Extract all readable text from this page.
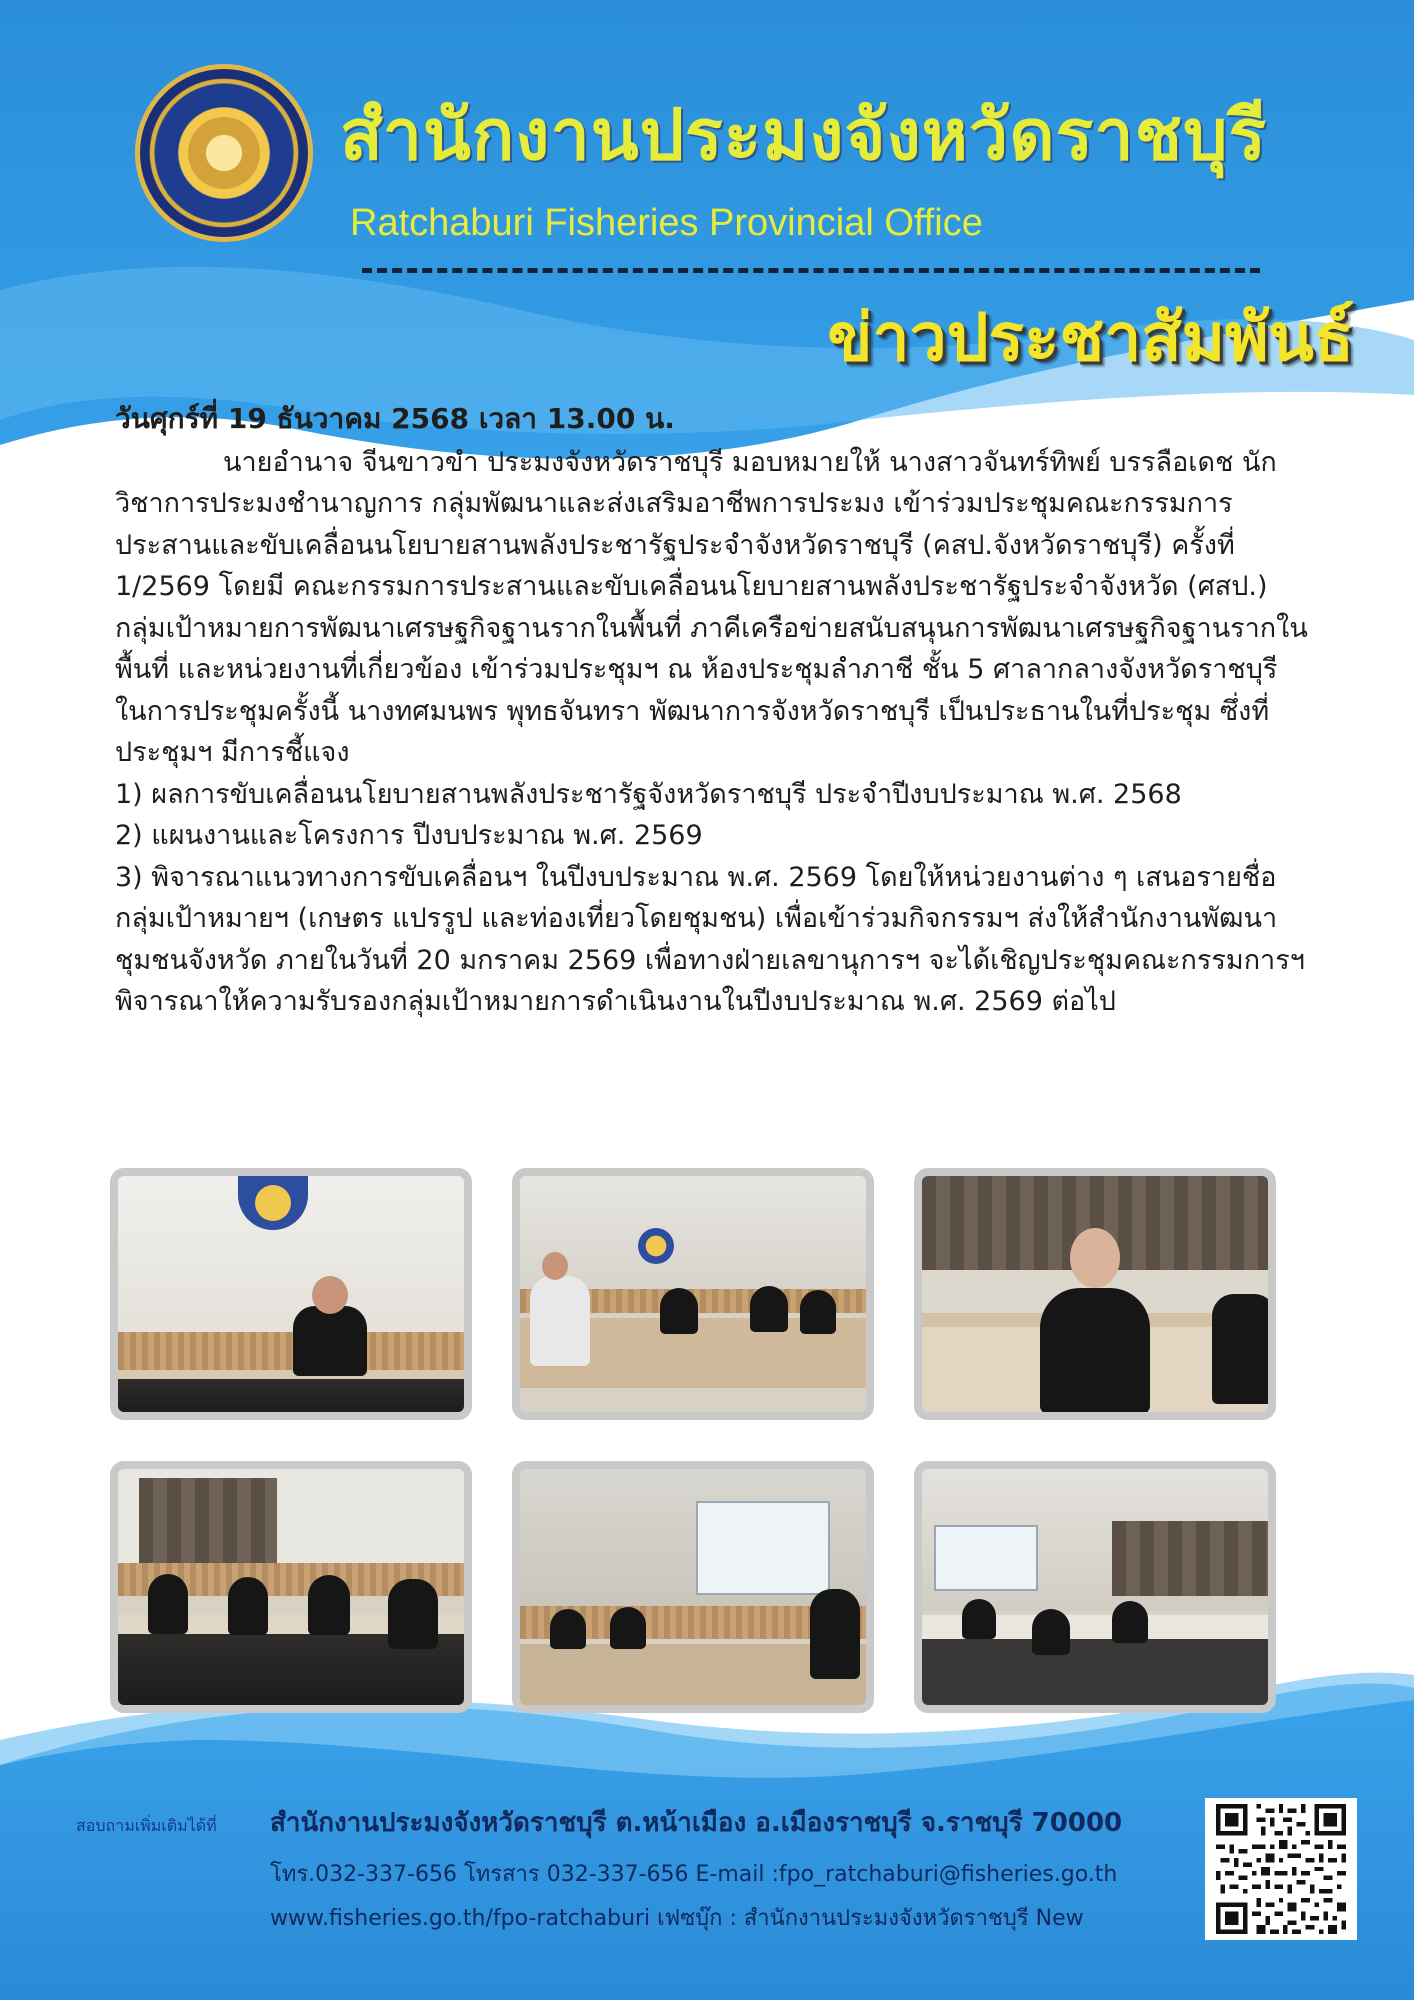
สำนักงานประมงจังหวัดราชบุรี
Ratchaburi Fisheries Provincial Office
ข่าวประชาสัมพันธ์
วันศุกร์ที่ 19 ธันวาคม 2568 เวลา 13.00 น.

นายอำนาจ จีนขาวขำ ประมงจังหวัดราชบุรี มอบหมายให้ นางสาวจันทร์ทิพย์ บรรลือเดช นักวิชาการประมงชำนาญการ กลุ่มพัฒนาและส่งเสริมอาชีพการประมง เข้าร่วมประชุมคณะกรรมการประสานและขับเคลื่อนนโยบายสานพลังประชารัฐประจำจังหวัดราชบุรี (คสป.จังหวัดราชบุรี) ครั้งที่ 1/2569 โดยมี คณะกรรมการประสานและขับเคลื่อนนโยบายสานพลังประชารัฐประจำจังหวัด (ศสป.) กลุ่มเป้าหมายการพัฒนาเศรษฐกิจฐานรากในพื้นที่ ภาคีเครือข่ายสนับสนุนการพัฒนาเศรษฐกิจฐานรากในพื้นที่ และหน่วยงานที่เกี่ยวข้อง เข้าร่วมประชุมฯ ณ ห้องประชุมลำภาชี ชั้น 5 ศาลากลางจังหวัดราชบุรี ในการประชุมครั้งนี้ นางทศมนพร พุทธจันทรา พัฒนาการจังหวัดราชบุรี เป็นประธานในที่ประชุม ซึ่งที่ประชุมฯ มีการชี้แจง

1) ผลการขับเคลื่อนนโยบายสานพลังประชารัฐจังหวัดราชบุรี ประจำปีงบประมาณ พ.ศ. 2568

2) แผนงานและโครงการ ปีงบประมาณ พ.ศ. 2569

3) พิจารณาแนวทางการขับเคลื่อนฯ ในปีงบประมาณ พ.ศ. 2569 โดยให้หน่วยงานต่าง ๆ เสนอรายชื่อกลุ่มเป้าหมายฯ (เกษตร แปรรูป และท่องเที่ยวโดยชุมชน) เพื่อเข้าร่วมกิจกรรมฯ ส่งให้สำนักงานพัฒนาชุมชนจังหวัด ภายในวันที่ 20 มกราคม 2569 เพื่อทางฝ่ายเลขานุการฯ จะได้เชิญประชุมคณะกรรมการฯ พิจารณาให้ความรับรองกลุ่มเป้าหมายการดำเนินงานในปีงบประมาณ พ.ศ. 2569 ต่อไป

สอบถามเพิ่มเติมได้ที่ สำนักงานประมงจังหวัดราชบุรี ต.หน้าเมือง อ.เมืองราชบุรี จ.ราชบุรี 70000
โทร.032-337-656 โทรสาร 032-337-656 E-mail :fpo_ratchaburi@fisheries.go.th
www.fisheries.go.th/fpo-ratchaburi เฟซบุ๊ก : สำนักงานประมงจังหวัดราชบุรี New
